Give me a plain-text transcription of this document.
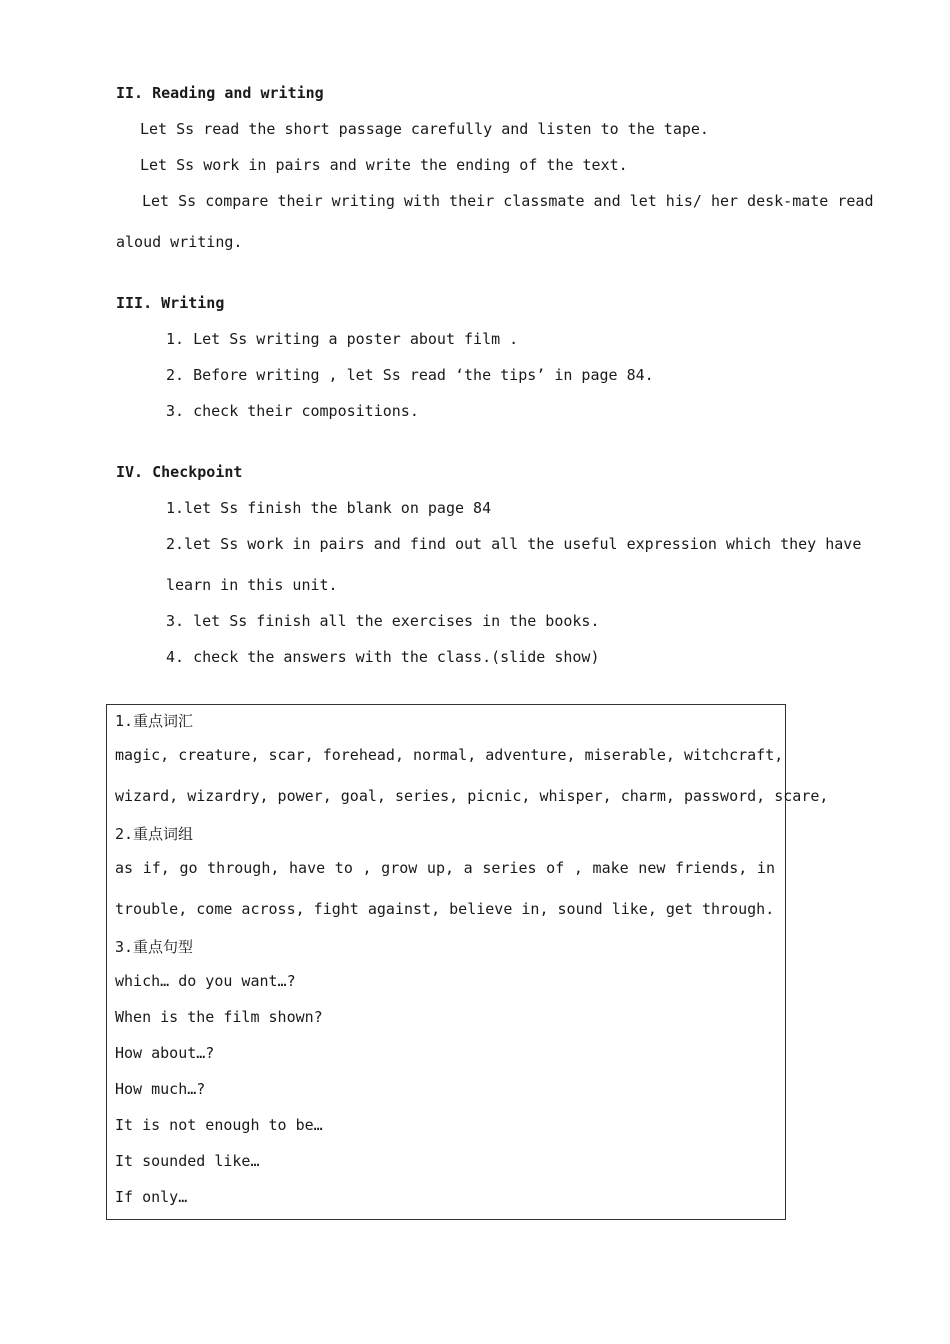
II. Reading and writing
Let Ss read the short passage carefully and listen to the tape.
Let Ss work in pairs and write the ending of the text.
Let Ss compare their writing with their classmate and let his/ her desk-mate read
aloud writing.
III. Writing
1. Let Ss writing a poster about film .
2. Before writing , let Ss read ‘the tips’ in page 84.
3. check their compositions.
IV. Checkpoint
1.let Ss finish the blank on page 84
2.let Ss work in pairs and find out all the useful expression which they have
learn in this unit.
3. let Ss finish all the exercises in the books.
4. check the answers with the class.(slide show)
1.重点词汇
magic, creature, scar, forehead, normal, adventure, miserable, witchcraft,
wizard, wizardry, power, goal, series, picnic, whisper, charm, password, scare,
2.重点词组
as if, go through, have to , grow up, a series of , make new friends, in
trouble, come across, fight against, believe in, sound like, get through.
3.重点句型
which… do you want…?
When is the film shown?
How about…?
How much…?
It is not enough to be…
It sounded like…
If only…
